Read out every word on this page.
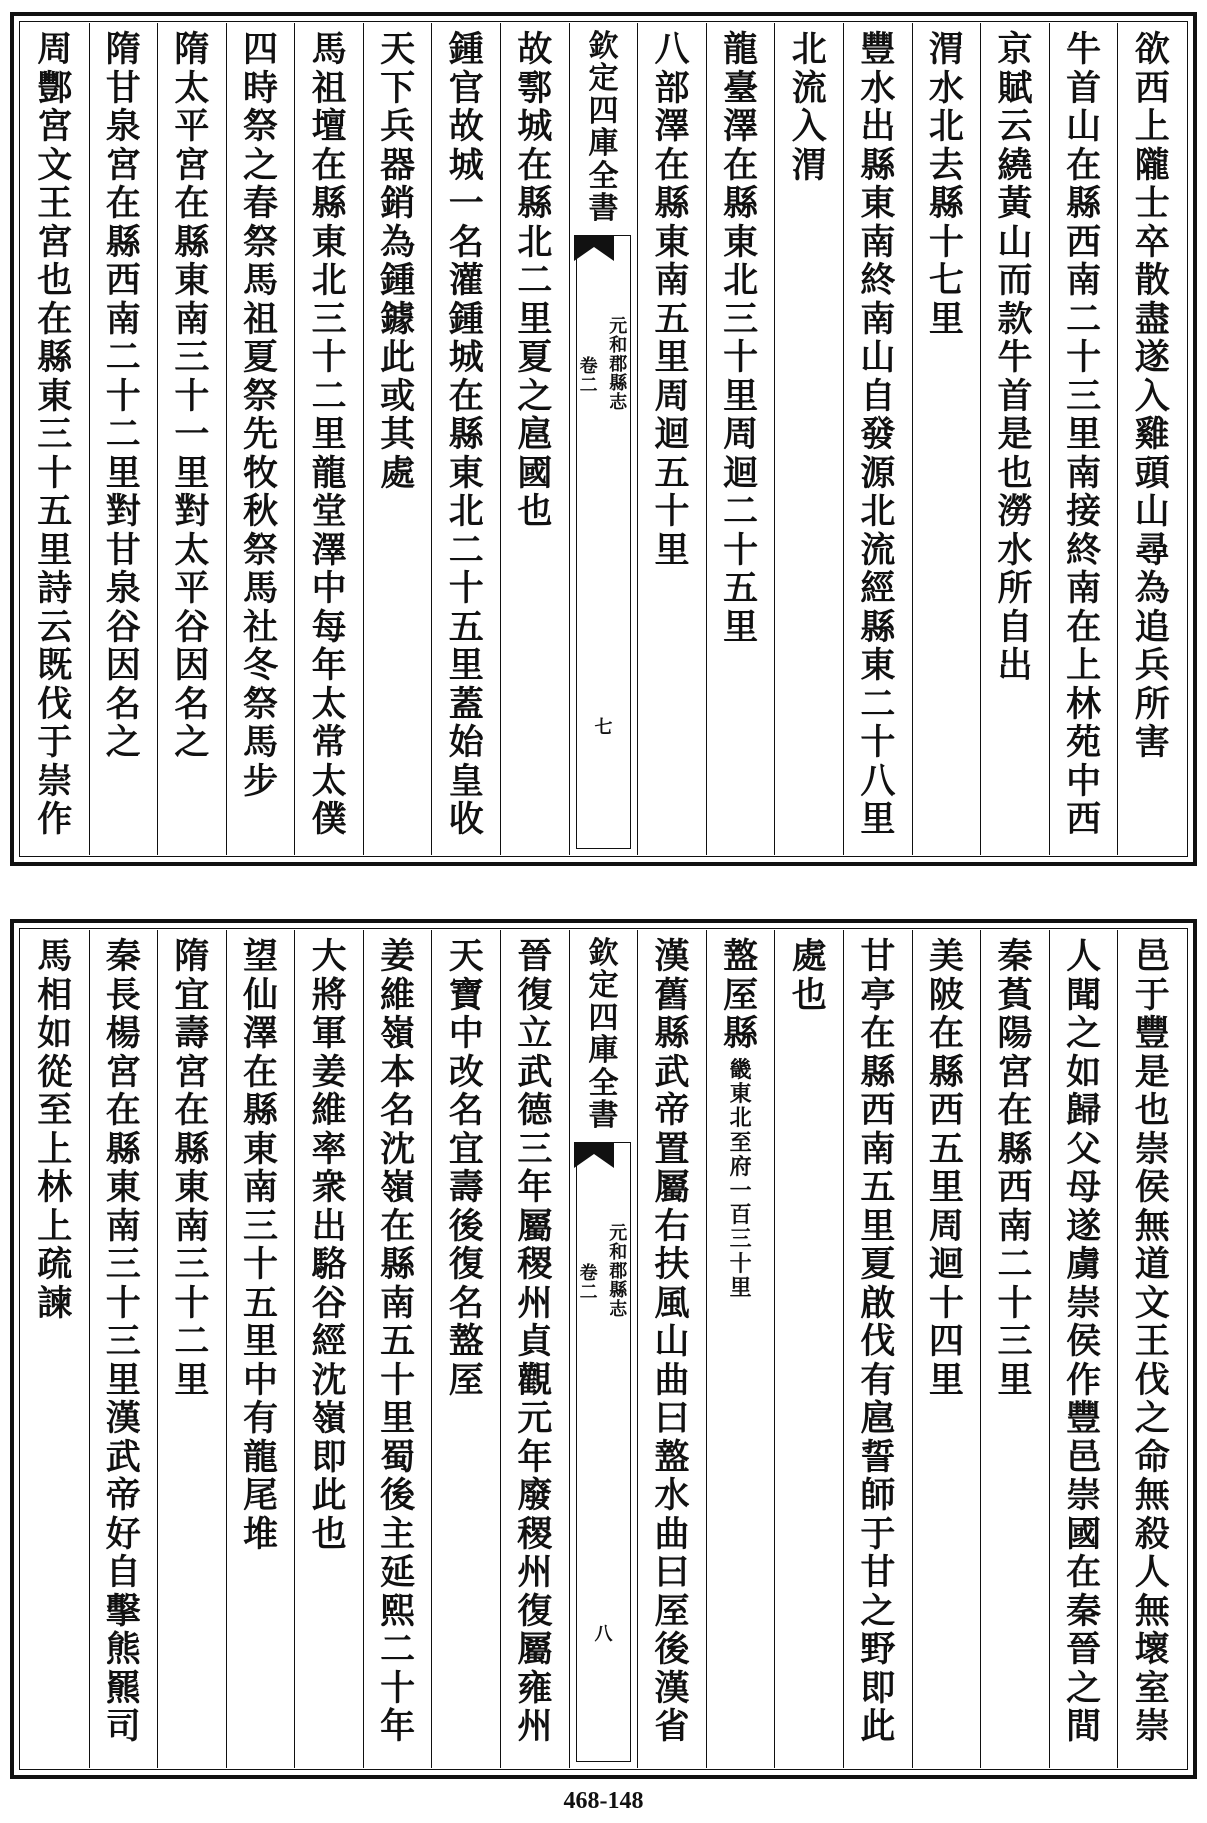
欲西上隴士卒散盡遂入雞頭山尋為追兵所害
牛首山在縣西南二十三里南接終南在上林苑中西
京賦云繞黃山而款牛首是也澇水所自出
渭水北去縣十七里
豐水出縣東南終南山自發源北流經縣東二十八里
北流入渭
龍臺澤在縣東北三十里周迴二十五里
八部澤在縣東南五里周迴五十里
欽定四庫全書
元和郡縣志
卷二
七
故鄠城在縣北二里夏之扈國也
鍾官故城一名灌鍾城在縣東北二十五里蓋始皇收
天下兵器銷為鍾鐻此或其處
馬祖壇在縣東北三十二里龍堂澤中每年太常太僕
四時祭之春祭馬祖夏祭先牧秋祭馬社冬祭馬步
隋太平宮在縣東南三十一里對太平谷因名之
隋甘泉宮在縣西南二十二里對甘泉谷因名之
周酆宮文王宮也在縣東三十五里詩云既伐于崇作
邑于豐是也崇侯無道文王伐之命無殺人無壞室崇
人聞之如歸父母遂虜崇侯作豐邑崇國在秦晉之間
秦萯陽宮在縣西南二十三里
美陂在縣西五里周迴十四里
甘亭在縣西南五里夏啟伐有扈誓師于甘之野即此
處也
盩厔縣
畿東北至府一百三十里
漢舊縣武帝置屬右扶風山曲曰盩水曲曰厔後漢省
欽定四庫全書
元和郡縣志
卷二
八
晉復立武德三年屬稷州貞觀元年廢稷州復屬雍州
天寶中改名宜壽後復名盩厔
姜維嶺本名沈嶺在縣南五十里蜀後主延熙二十年
大將軍姜維率衆出駱谷經沈嶺即此也
望仙澤在縣東南三十五里中有龍尾堆
隋宜壽宮在縣東南三十二里
秦長楊宮在縣東南三十三里漢武帝好自擊熊羆司
馬相如從至上林上疏諫
468-148
